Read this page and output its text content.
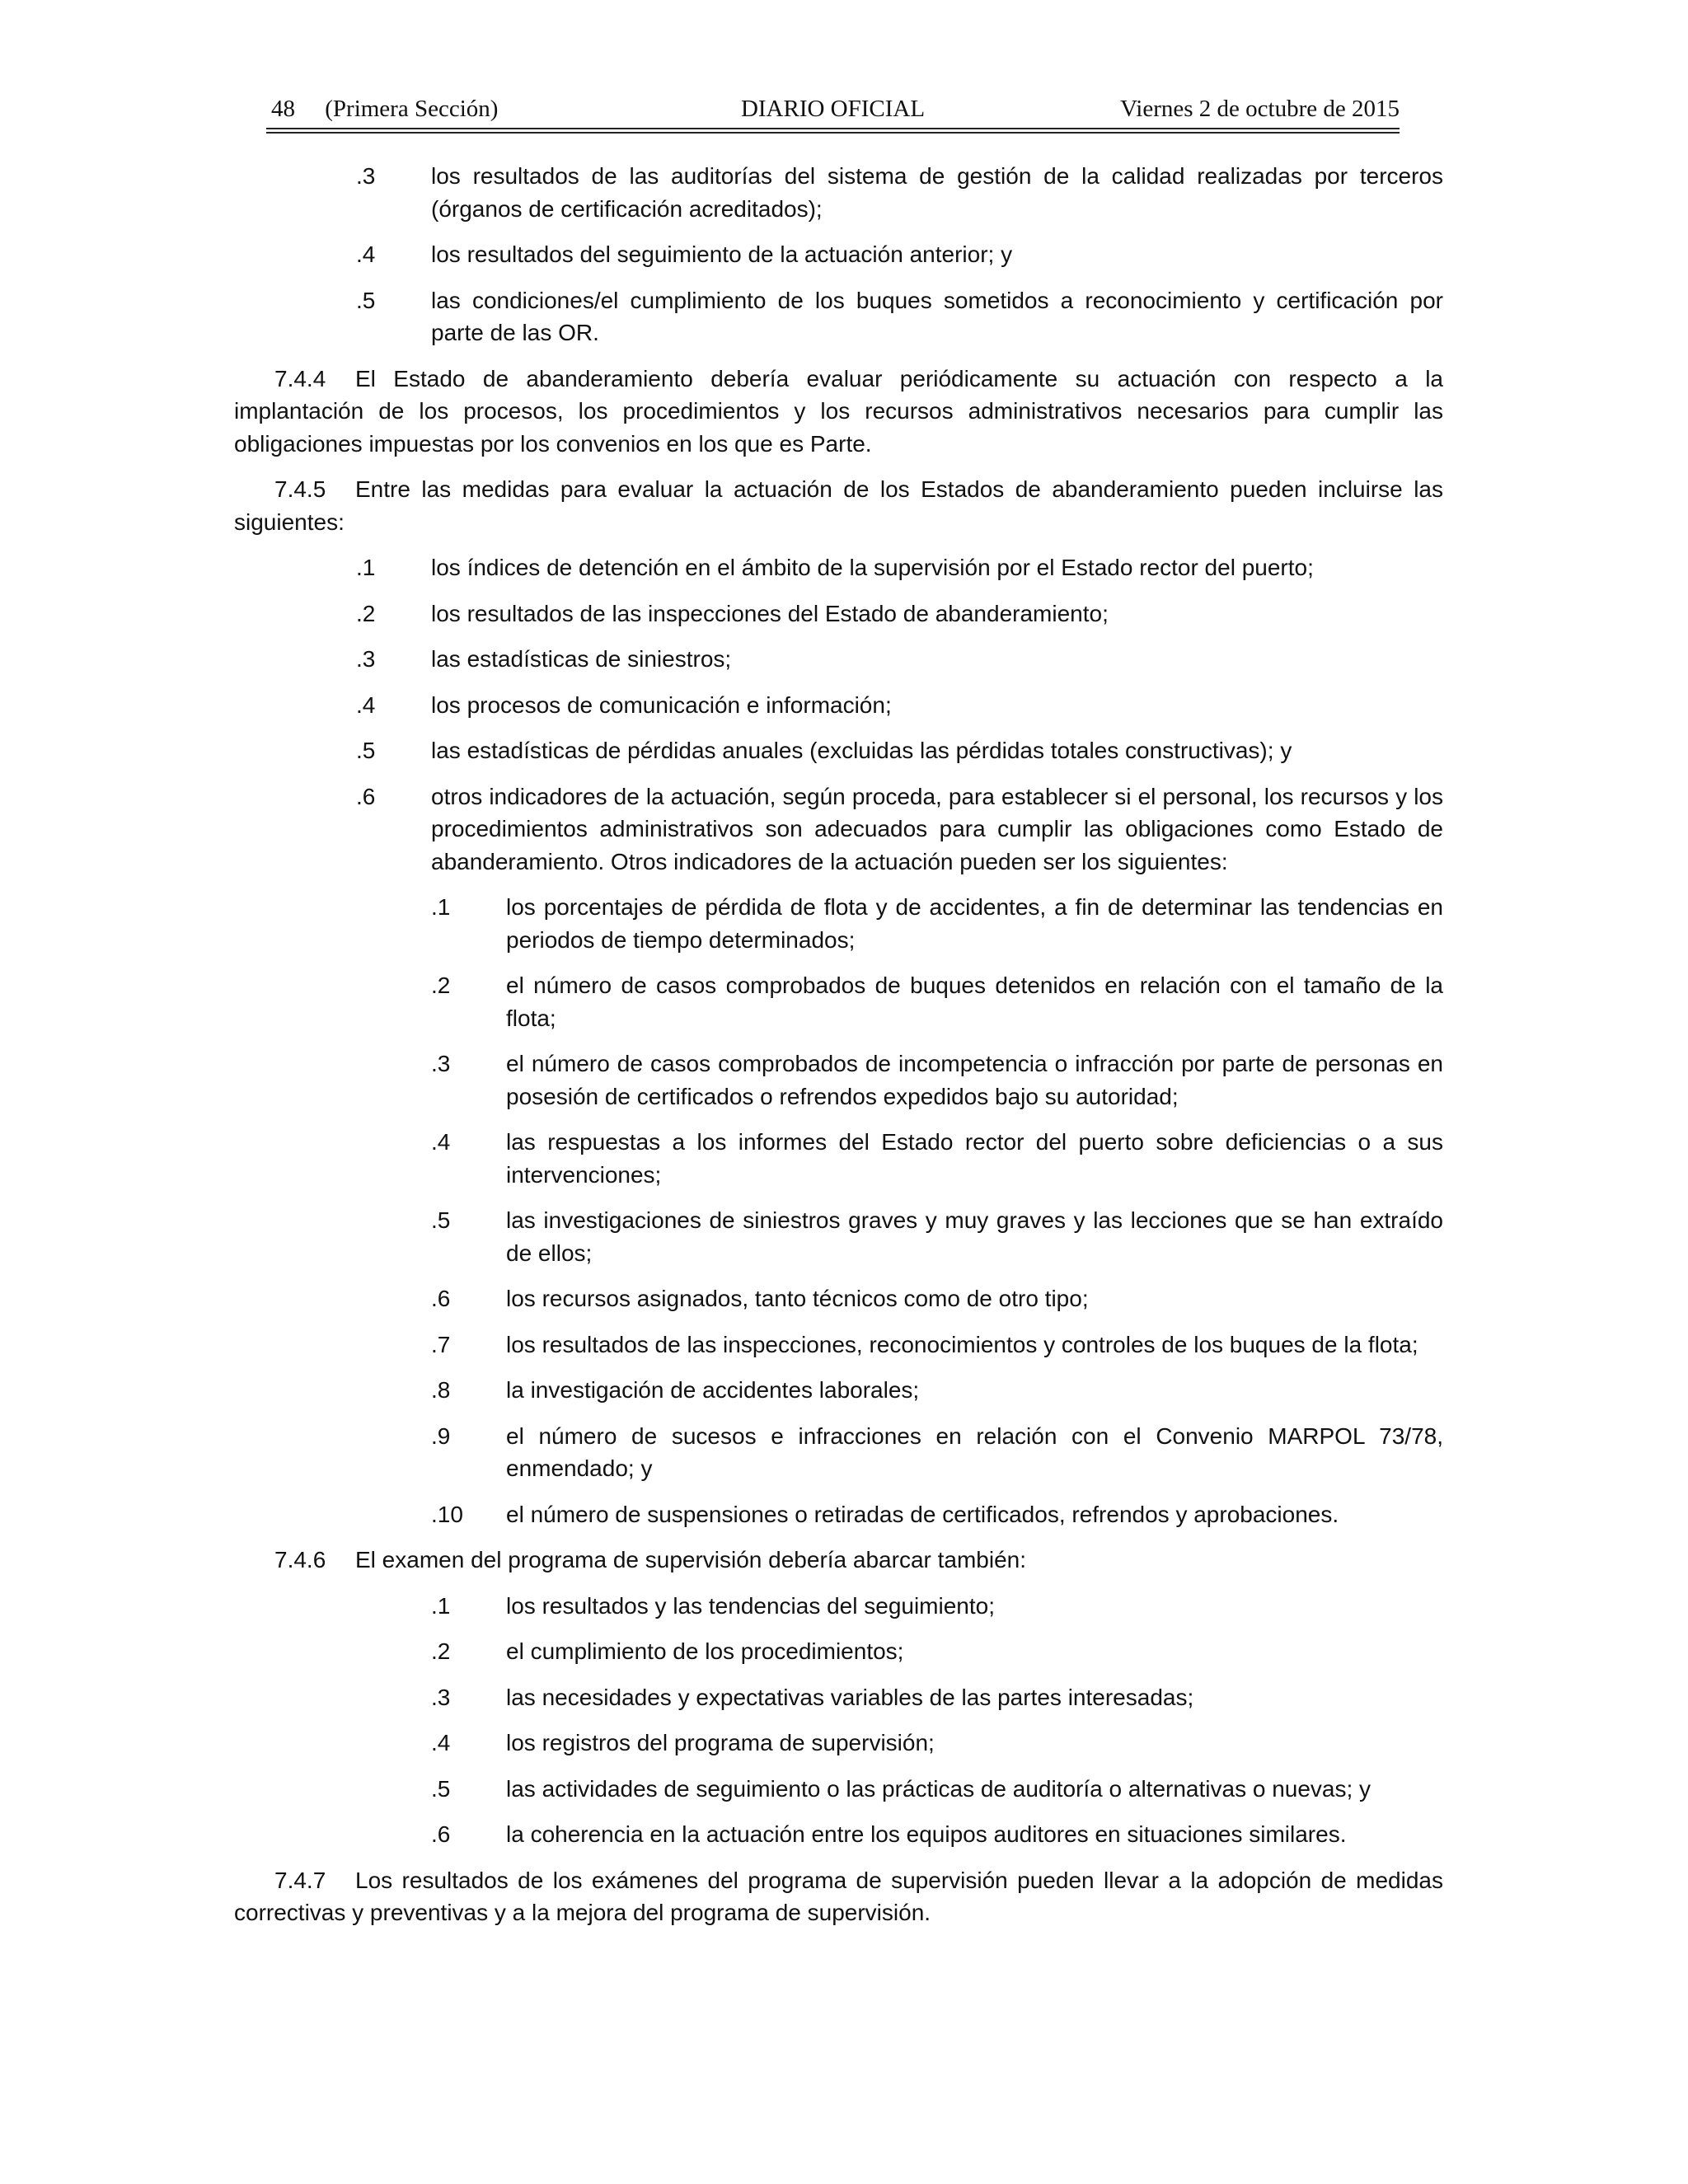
48     (Primera Sección)	DIARIO OFICIAL	Viernes 2 de octubre de 2015
.3 los resultados de las auditorías del sistema de gestión de la calidad realizadas por terceros (órganos de certificación acreditados);
.4 los resultados del seguimiento de la actuación anterior; y
.5 las condiciones/el cumplimiento de los buques sometidos a reconocimiento y certificación por parte de las OR.
7.4.4 El Estado de abanderamiento debería evaluar periódicamente su actuación con respecto a la implantación de los procesos, los procedimientos y los recursos administrativos necesarios para cumplir las obligaciones impuestas por los convenios en los que es Parte.
7.4.5 Entre las medidas para evaluar la actuación de los Estados de abanderamiento pueden incluirse las siguientes:
.1 los índices de detención en el ámbito de la supervisión por el Estado rector del puerto;
.2 los resultados de las inspecciones del Estado de abanderamiento;
.3 las estadísticas de siniestros;
.4 los procesos de comunicación e información;
.5 las estadísticas de pérdidas anuales (excluidas las pérdidas totales constructivas); y
.6 otros indicadores de la actuación, según proceda, para establecer si el personal, los recursos y los procedimientos administrativos son adecuados para cumplir las obligaciones como Estado de abanderamiento. Otros indicadores de la actuación pueden ser los siguientes:
.1 los porcentajes de pérdida de flota y de accidentes, a fin de determinar las tendencias en periodos de tiempo determinados;
.2 el número de casos comprobados de buques detenidos en relación con el tamaño de la flota;
.3 el número de casos comprobados de incompetencia o infracción por parte de personas en posesión de certificados o refrendos expedidos bajo su autoridad;
.4 las respuestas a los informes del Estado rector del puerto sobre deficiencias o a sus intervenciones;
.5 las investigaciones de siniestros graves y muy graves y las lecciones que se han extraído de ellos;
.6 los recursos asignados, tanto técnicos como de otro tipo;
.7 los resultados de las inspecciones, reconocimientos y controles de los buques de la flota;
.8 la investigación de accidentes laborales;
.9 el número de sucesos e infracciones en relación con el Convenio MARPOL 73/78, enmendado; y
.10 el número de suspensiones o retiradas de certificados, refrendos y aprobaciones.
7.4.6 El examen del programa de supervisión debería abarcar también:
.1 los resultados y las tendencias del seguimiento;
.2 el cumplimiento de los procedimientos;
.3 las necesidades y expectativas variables de las partes interesadas;
.4 los registros del programa de supervisión;
.5 las actividades de seguimiento o las prácticas de auditoría o alternativas o nuevas; y
.6 la coherencia en la actuación entre los equipos auditores en situaciones similares.
7.4.7 Los resultados de los exámenes del programa de supervisión pueden llevar a la adopción de medidas correctivas y preventivas y a la mejora del programa de supervisión.
